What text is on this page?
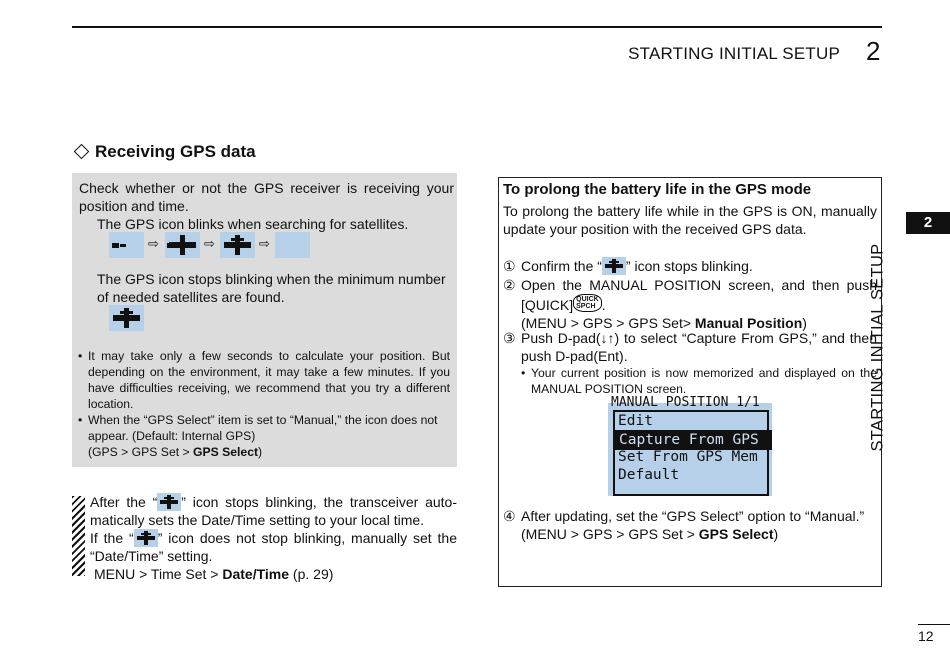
STARTING INITIAL SETUP 2
Receiving GPS data
Check whether or not the GPS receiver is receiving your
position and time.
The GPS icon blinks when searching for satellites.
⇨	⇨	⇨
The GPS icon stops blinking when the minimum number
of needed satellites are found.
• It may take only a few seconds to calculate your position. But
depending on the environment, it may take a few minutes. If you
have difficulties receiving, we recommend that you try a different
location.
• When the “GPS Select” item is set to “Manual,” the icon does not
appear. (Default: Internal GPS)
(GPS > GPS Set > GPS Select)
After the “ ” icon stops blinking, the transceiver auto-
matically sets the Date/Time setting to your local time.
If the “ ” icon does not stop blinking, manually set the
“Date/Time” setting.
MENU > Time Set > Date/Time (p. 29)
To prolong the battery life in the GPS mode
To prolong the battery life while in the GPS is ON, manually
update your position with the received GPS data.
① Confirm the “ ” icon stops blinking.
② Open the MANUAL POSITION screen, and then push
[QUICK] QUICK
SPCH .
(MENU > GPS > GPS Set> Manual Position)
③ Push D-pad(↓↑) to select “Capture From GPS,” and then
push D-pad(Ent).
• Your current position is now memorized and displayed on the
MANUAL POSITION screen.
④ After updating, set the “GPS Select” option to “Manual.”
(MENU > GPS > GPS Set > GPS Select)
MANUAL POSITION 1/1
Edit
Capture From GPS
Set From GPS Mem
Default
2
STARTING INITIAL SETUP
12
